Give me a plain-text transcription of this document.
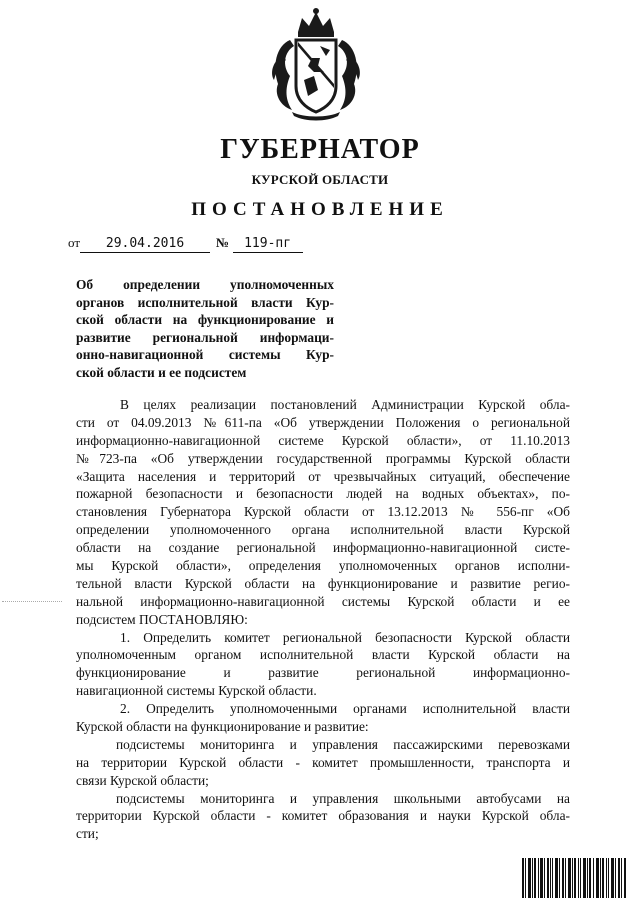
ГУБЕРНАТОР
КУРСКОЙ ОБЛАСТИ
ПОСТАНОВЛЕНИЕ
от 29.04.2016 № 119-пг
Об определении уполномоченных
органов исполнительной власти Кур-
ской области на функционирование и
развитие региональной информаци-
онно-навигационной системы Кур-
ской области и ее подсистем
В целях реализации постановлений Администрации Курской обла-
сти от 04.09.2013 №611-па «Об утверждении Положения о региональной
информационно-навигационной системе Курской области», от 11.10.2013
№723-па «Об утверждении государственной программы Курской области
«Защита населения и территорий от чрезвычайных ситуаций, обеспечение
пожарной безопасности и безопасности людей на водных объектах», по-
становления Губернатора Курской области от 13.12.2013 № 556-пг «Об
определении уполномоченного органа исполнительной власти Курской
области на создание региональной информационно-навигационной систе-
мы Курской области», определения уполномоченных органов исполни-
тельной власти Курской области на функционирование и развитие регио-
нальной информационно-навигационной системы Курской области и ее
подсистем ПОСТАНОВЛЯЮ:
1. Определить комитет региональной безопасности Курской области
уполномоченным органом исполнительной власти Курской области на
функционирование и развитие региональной информационно-
навигационной системы Курской области.
2. Определить уполномоченными органами исполнительной власти
Курской области на функционирование и развитие:
подсистемы мониторинга и управления пассажирскими перевозками
на территории Курской области - комитет промышленности, транспорта и
связи Курской области;
подсистемы мониторинга и управления школьными автобусами на
территории Курской области - комитет образования и науки Курской обла-
сти;
